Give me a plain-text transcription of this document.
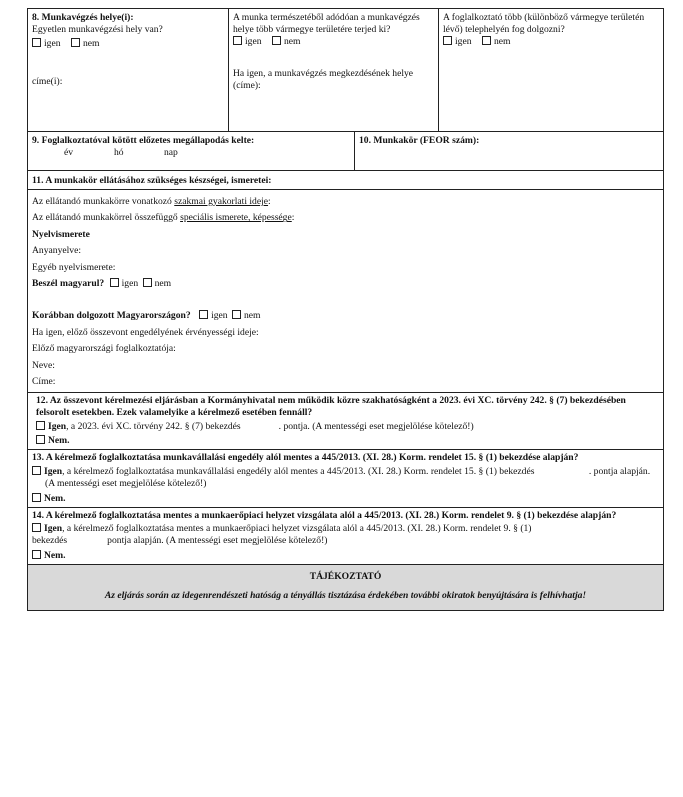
8. Munkavégzés helye(i):
Egyetlen munkavégzési hely van?
igen nem
címe(i):
A munka természetéből adódóan a munkavégzés helye több vármegye területére terjed ki?
igen nem
Ha igen, a munkavégzés megkezdésének helye (címe):
A foglalkoztató több (különböző vármegye területén lévő) telephelyén fog dolgozni?
igen nem
9. Foglalkoztatóval kötött előzetes megállapodás kelte:
év	hó	nap
10. Munkakör (FEOR szám):
11. A munkakör ellátásához szükséges készségei, ismeretei:
Az ellátandó munkakörre vonatkozó szakmai gyakorlati ideje:
Az ellátandó munkakörrel összefüggő speciális ismerete, képessége:
Nyelvismerete
Anyanyelve:
Egyéb nyelvismerete:
Beszél magyarul? igen nem
Korábban dolgozott Magyarországon? igen nem
Ha igen, előző összevont engedélyének érvényességi ideje:
Előző magyarországi foglalkoztatója:
Neve:
Címe:
12. Az összevont kérelmezési eljárásban a Kormányhivatal nem működik közre szakhatóságként a 2023. évi XC. törvény 242. § (7) bekezdésében felsorolt esetekben. Ezek valamelyike a kérelmező esetében fennáll?
Igen, a 2023. évi XC. törvény 242. § (7) bekezdés	. pontja. (A mentességi eset megjelölése kötelező!)
Nem.
13. A kérelmező foglalkoztatása munkavállalási engedély alól mentes a 445/2013. (XI. 28.) Korm. rendelet 15. § (1) bekezdése alapján?
Igen, a kérelmező foglalkoztatása munkavállalási engedély alól mentes a 445/2013. (XI. 28.) Korm. rendelet 15. § (1) bekezdés	. pontja alapján. (A mentességi eset megjelölése kötelező!)
Nem.
14. A kérelmező foglalkoztatása mentes a munkaerőpiaci helyzet vizsgálata alól a 445/2013. (XI. 28.) Korm. rendelet 9. § (1) bekezdése alapján?
Igen, a kérelmező foglalkoztatása mentes a munkaerőpiaci helyzet vizsgálata alól a 445/2013. (XI. 28.) Korm. rendelet 9. § (1)
bekezdés	pontja alapján. (A mentességi eset megjelölése kötelező!)
Nem.
TÁJÉKOZTATÓ
Az eljárás során az idegenrendészeti hatóság a tényállás tisztázása érdekében további okiratok benyújtására is felhívhatja!
